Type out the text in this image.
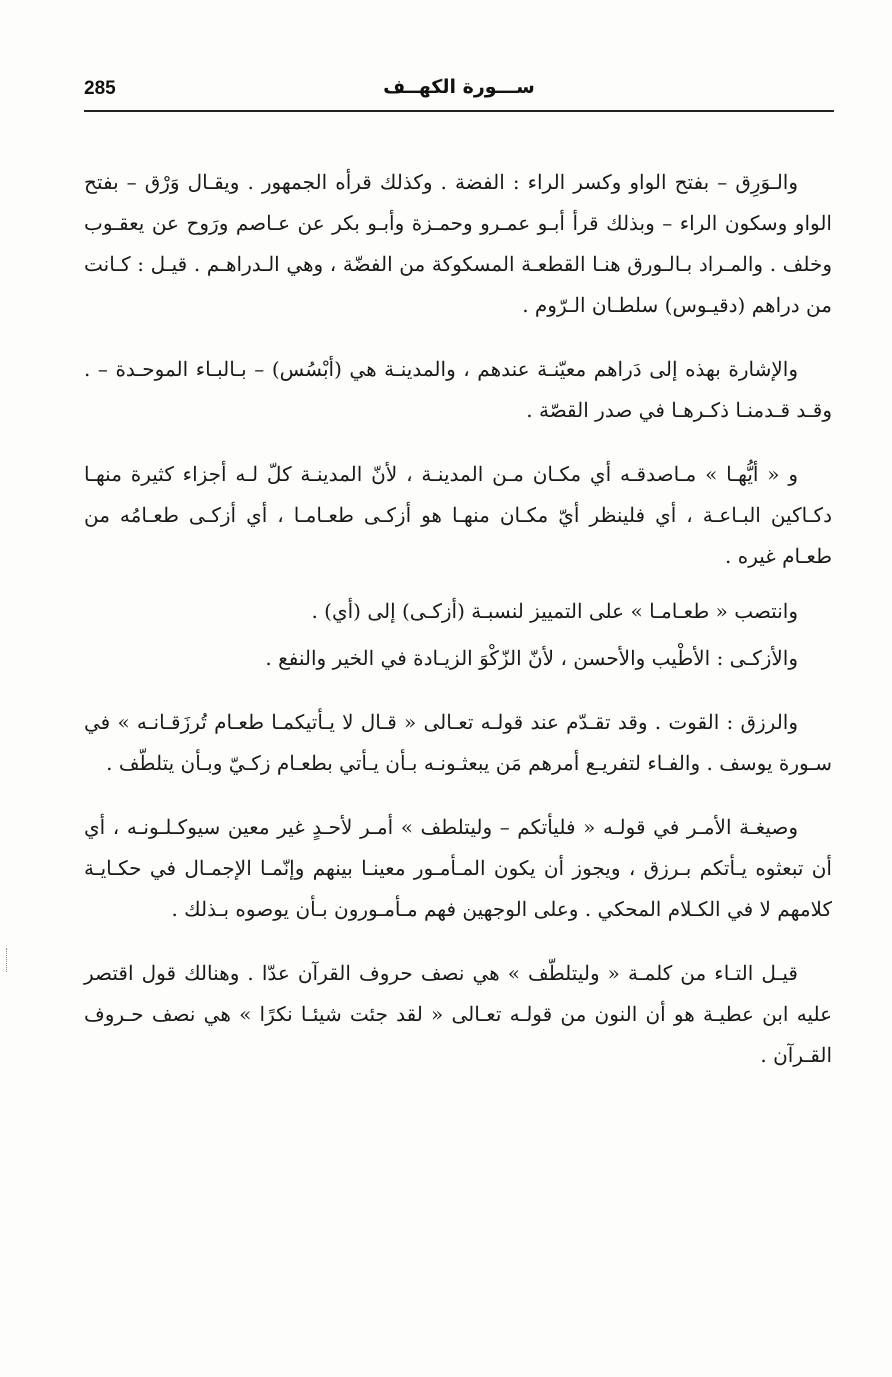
285	ســـورة الكهــف

والـوَرِق – بفتح الواو وكسر الراء : الفضة . وكذلك قرأه الجمهور . ويقـال وَرْق – بفتح الواو وسكون الراء – وبذلك قرأ أبـو عمـرو وحمـزة وأبـو بكر عن عـاصم ورَوح عن يعقـوب وخلف . والمـراد بـالـورق هنـا القطعـة المسكوكة من الفضّة ، وهي الـدراهـم . قيـل : كـانت من دراهم (دقيـوس) سلطـان الـرّوم .

والإشارة بهذه إلى دَراهم معيّنـة عندهم ، والمدينـة هي (أبْسُس) – بـالبـاء الموحـدة – . وقـد قـدمنـا ذكـرهـا في صدر القصّة .

و « أيُّهـا » مـاصدقـه أي مكـان مـن المدينـة ، لأنّ المدينـة كلّ لـه أجزاء كثيرة منهـا دكـاكين البـاعـة ، أي فلينظر أيّ مكـان منهـا هو أزكـى طعـامـا ، أي أزكـى طعـامُه من طعـام غيره .

وانتصب « طعـامـا » على التمييز لنسبـة (أزكـى) إلى (أي) .

والأزكـى : الأطْيب والأحسن ، لأنّ الزّكْوَ الزيـادة في الخير والنفع .

والرزق : القوت . وقد تقـدّم عند قولـه تعـالى « قـال لا يـأتيكمـا طعـام تُرزَقـانـه » في سـورة يوسف . والفـاء لتفريـع أمرهم مَن يبعثـونـه بـأن يـأتي بطعـام زكـيّ وبـأن يتلطّف .

وصيغـة الأمـر في قولـه « فليأتكم – وليتلطف » أمـر لأحـدٍ غير معين سيوكـلـونـه ، أي أن تبعثوه يـأتكم بـرزق ، ويجوز أن يكون المـأمـور معينـا بينهم وإنّمـا الإجمـال في حكـايـة كلامهم لا في الكـلام المحكي . وعلى الوجهين فهم مـأمـورون بـأن يوصوه بـذلك .

قيـل التـاء من كلمـة « وليتلطّف » هي نصف حروف القرآن عدّا . وهنالك قول اقتصر عليه ابن عطيـة هو أن النون من قولـه تعـالى « لقد جئت شيئـا نكرًا » هي نصف حـروف القـرآن .
